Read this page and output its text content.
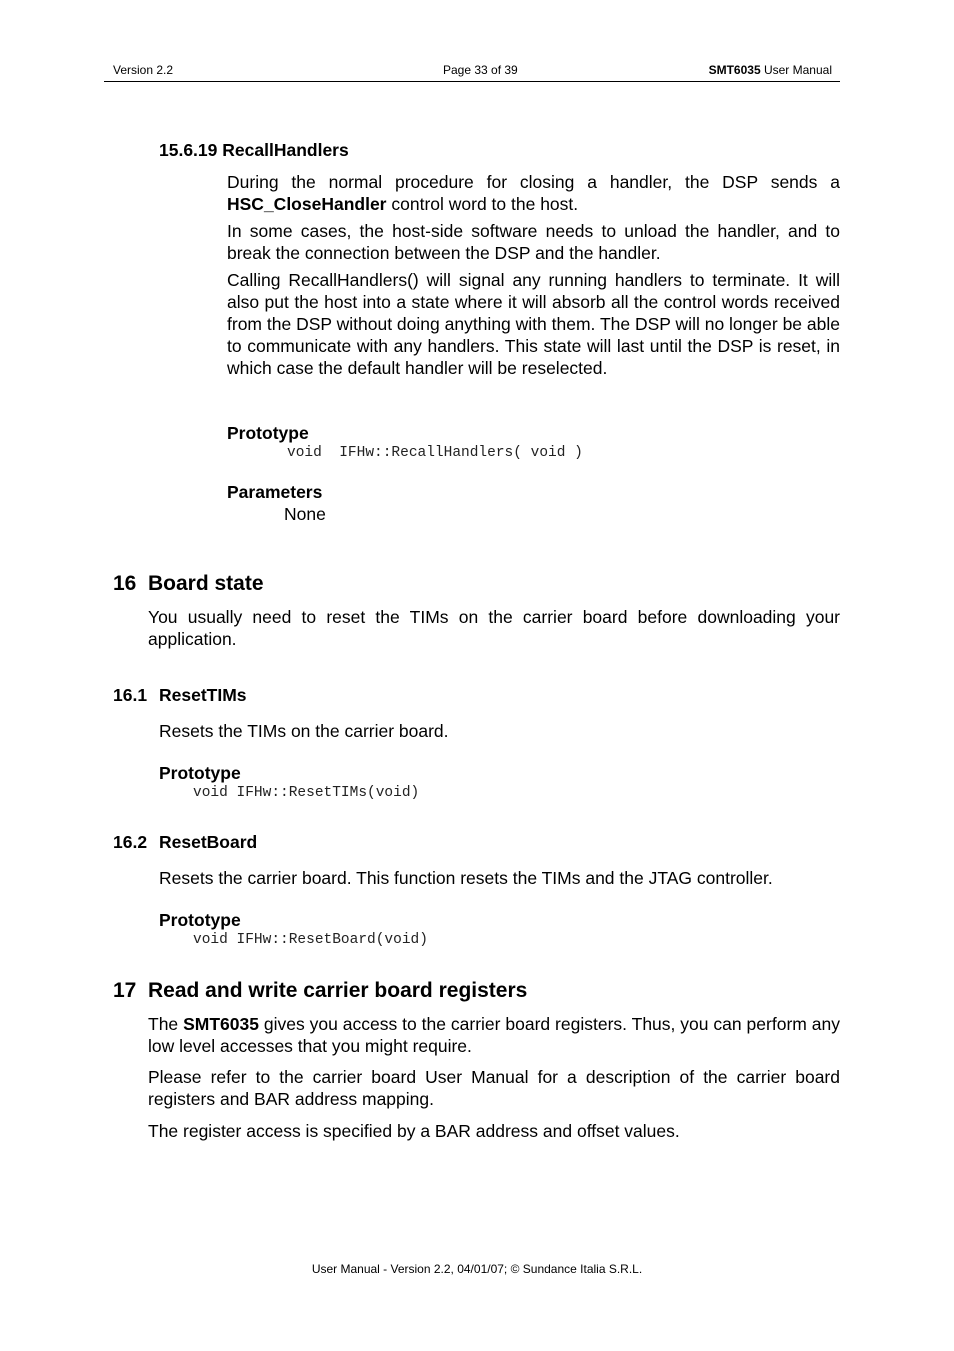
Version 2.2	Page 33 of 39	SMT6035 User Manual
15.6.19 RecallHandlers

During the normal procedure for closing a handler, the DSP sends a HSC_CloseHandler control word to the host.

In some cases, the host-side software needs to unload the handler, and to break the connection between the DSP and the handler.

Calling RecallHandlers() will signal any running handlers to terminate. It will also put the host into a state where it will absorb all the control words received from the DSP without doing anything with them. The DSP will no longer be able to communicate with any handlers. This state will last until the DSP is reset, in which case the default handler will be reselected.

Prototype
void  IFHw::RecallHandlers( void )
Parameters
None
16 Board state

You usually need to reset the TIMs on the carrier board before downloading your application.

16.1 ResetTIMs
Resets the TIMs on the carrier board.
Prototype
void IFHw::ResetTIMs(void)
16.2 ResetBoard
Resets the carrier board. This function resets the TIMs and the JTAG controller.
Prototype
void IFHw::ResetBoard(void)
17 Read and write carrier board registers

The SMT6035 gives you access to the carrier board registers. Thus, you can perform any low level accesses that you might require.

Please refer to the carrier board User Manual for a description of the carrier board registers and BAR address mapping.

The register access is specified by a BAR address and offset values.

User Manual - Version 2.2, 04/01/07; © Sundance Italia S.R.L.
